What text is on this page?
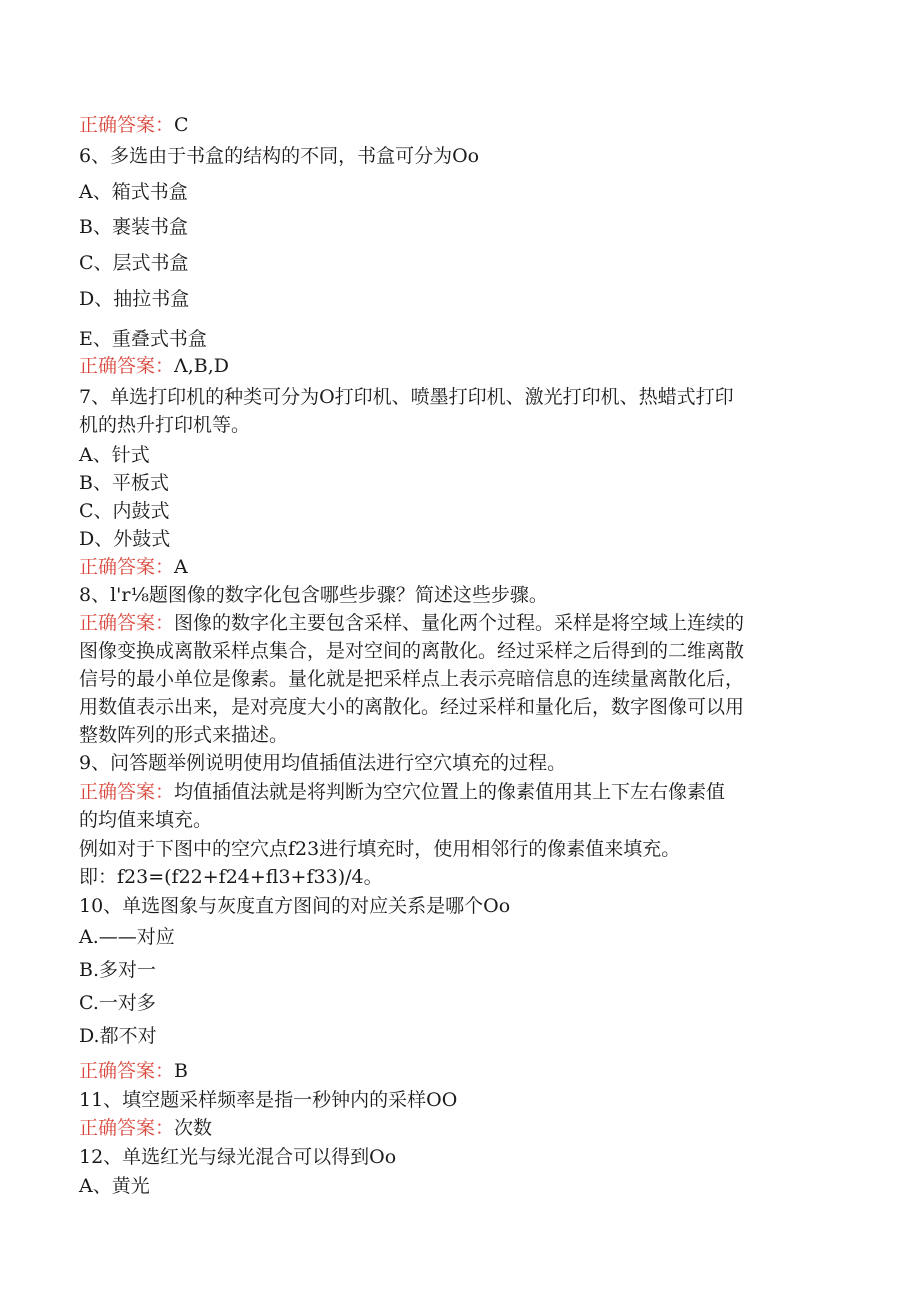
正确答案：C

6、多选由于书盒的结构的不同，书盒可分为Oo

A、箱式书盒

B、裹装书盒

C、层式书盒

D、抽拉书盒

E、重叠式书盒

正确答案：Λ,B,D

7、单选打印机的种类可分为O打印机、喷墨打印机、激光打印机、热蜡式打印

机的热升打印机等。

A、针式

B、平板式

C、内鼓式

D、外鼓式

正确答案：A

8、l'r⅛题图像的数字化包含哪些步骤？简述这些步骤。

正确答案：图像的数字化主要包含采样、量化两个过程。采样是将空域上连续的

图像变换成离散采样点集合，是对空间的离散化。经过采样之后得到的二维离散

信号的最小单位是像素。量化就是把采样点上表示亮暗信息的连续量离散化后，

用数值表示出来，是对亮度大小的离散化。经过采样和量化后，数字图像可以用

整数阵列的形式来描述。

9、问答题举例说明使用均值插值法进行空穴填充的过程。

正确答案：均值插值法就是将判断为空穴位置上的像素值用其上下左右像素值

的均值来填充。

例如对于下图中的空穴点f23进行填充时，使用相邻行的像素值来填充。

即：f23=(f22+f24+fl3+f33)/4。

10、单选图象与灰度直方图间的对应关系是哪个Oo

A.——对应

B.多对一

C.一对多

D.都不对

正确答案：B

11、填空题采样频率是指一秒钟内的采样OO

正确答案：次数

12、单选红光与绿光混合可以得到Oo

A、黄光
